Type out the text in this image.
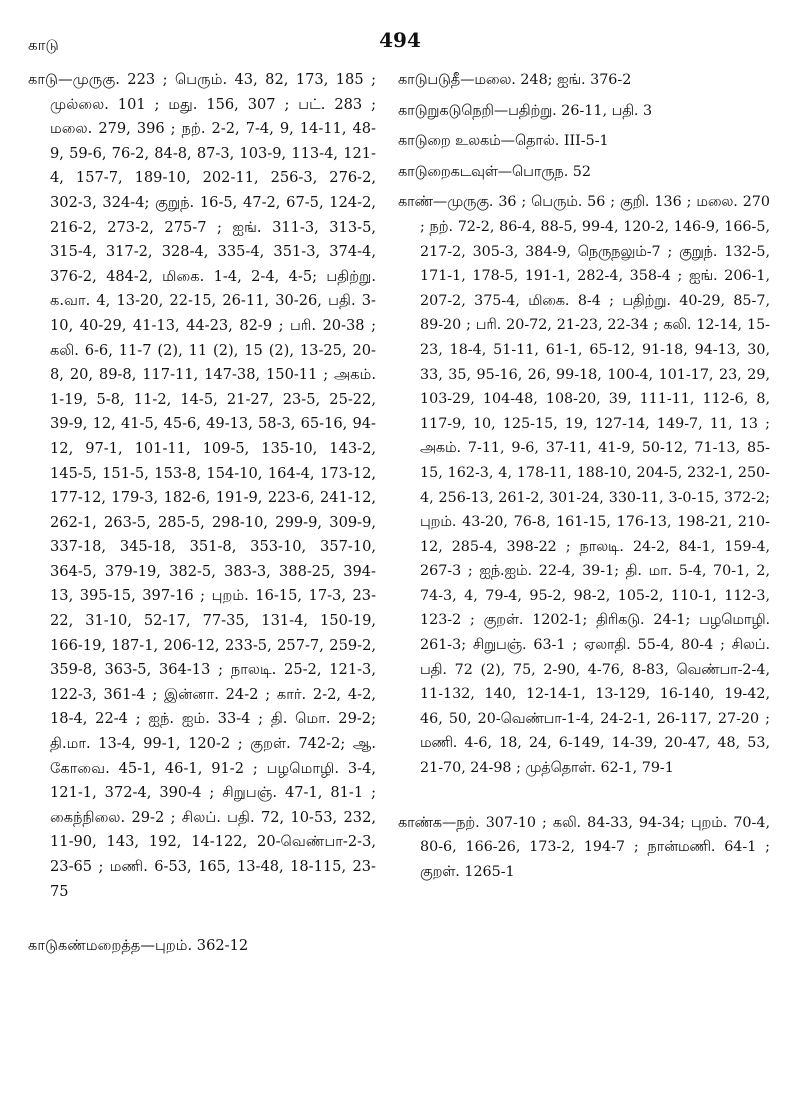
காடு	494

காடு—முருகு. 223 ; பெரும். 43, 82, 173, 185 ; முல்லை. 101 ; மது. 156, 307 ; பட். 283 ; மலை. 279, 396 ; நற். 2-2, 7-4, 9, 14-11, 48-9, 59-6, 76-2, 84-8, 87-3, 103-9, 113-4, 121-4, 157-7, 189-10, 202-11, 256-3, 276-2, 302-3, 324-4; குறுந். 16-5, 47-2, 67-5, 124-2, 216-2, 273-2, 275-7 ; ஐங். 311-3, 313-5, 315-4, 317-2, 328-4, 335-4, 351-3, 374-4, 376-2, 484-2, மிகை. 1-4, 2-4, 4-5; பதிற்று. க.வா. 4, 13-20, 22-15, 26-11, 30-26, பதி. 3-10, 40-29, 41-13, 44-23, 82-9 ; பரி. 20-38 ; கலி. 6-6, 11-7 (2), 11 (2), 15 (2), 13-25, 20-8, 20, 89-8, 117-11, 147-38, 150-11 ; அகம். 1-19, 5-8, 11-2, 14-5, 21-27, 23-5, 25-22, 39-9, 12, 41-5, 45-6, 49-13, 58-3, 65-16, 94-12, 97-1, 101-11, 109-5, 135-10, 143-2, 145-5, 151-5, 153-8, 154-10, 164-4, 173-12, 177-12, 179-3, 182-6, 191-9, 223-6, 241-12, 262-1, 263-5, 285-5, 298-10, 299-9, 309-9, 337-18, 345-18, 351-8, 353-10, 357-10, 364-5, 379-19, 382-5, 383-3, 388-25, 394-13, 395-15, 397-16 ; புறம். 16-15, 17-3, 23-22, 31-10, 52-17, 77-35, 131-4, 150-19, 166-19, 187-1, 206-12, 233-5, 257-7, 259-2, 359-8, 363-5, 364-13 ; நாலடி. 25-2, 121-3, 122-3, 361-4 ; இன்னா. 24-2 ; கார். 2-2, 4-2, 18-4, 22-4 ; ஐந். ஐம். 33-4 ; தி. மொ. 29-2; தி.மா. 13-4, 99-1, 120-2 ; குறள். 742-2; ஆ. கோவை. 45-1, 46-1, 91-2 ; பழமொழி. 3-4, 121-1, 372-4, 390-4 ; சிறுபஞ். 47-1, 81-1 ; கைந்நிலை. 29-2 ; சிலப். பதி. 72, 10-53, 232, 11-90, 143, 192, 14-122, 20-வெண்பா-2-3, 23-65 ; மணி. 6-53, 165, 13-48, 18-115, 23-75

காடுகண்மறைத்த—புறம். 362-12

காடுபடுதீ—மலை. 248; ஐங். 376-2

காடுறுகடுநெறி—பதிற்று. 26-11, பதி. 3

காடுறை உலகம்—தொல். III-5-1

காடுறைகடவுள்—பொருந. 52

காண்—முருகு. 36 ; பெரும். 56 ; குறி. 136 ; மலை. 270 ; நற். 72-2, 86-4, 88-5, 99-4, 120-2, 146-9, 166-5, 217-2, 305-3, 384-9, நெருநலும்-7 ; குறுந். 132-5, 171-1, 178-5, 191-1, 282-4, 358-4 ; ஐங். 206-1, 207-2, 375-4, மிகை. 8-4 ; பதிற்று. 40-29, 85-7, 89-20 ; பரி. 20-72, 21-23, 22-34 ; கலி. 12-14, 15-23, 18-4, 51-11, 61-1, 65-12, 91-18, 94-13, 30, 33, 35, 95-16, 26, 99-18, 100-4, 101-17, 23, 29, 103-29, 104-48, 108-20, 39, 111-11, 112-6, 8, 117-9, 10, 125-15, 19, 127-14, 149-7, 11, 13 ; அகம். 7-11, 9-6, 37-11, 41-9, 50-12, 71-13, 85-15, 162-3, 4, 178-11, 188-10, 204-5, 232-1, 250-4, 256-13, 261-2, 301-24, 330-11, 3-0-15, 372-2; புறம். 43-20, 76-8, 161-15, 176-13, 198-21, 210-12, 285-4, 398-22 ; நாலடி. 24-2, 84-1, 159-4, 267-3 ; ஐந்.ஐம். 22-4, 39-1; தி. மா. 5-4, 70-1, 2, 74-3, 4, 79-4, 95-2, 98-2, 105-2, 110-1, 112-3, 123-2 ; குறள். 1202-1; திரிகடு. 24-1; பழமொழி. 261-3; சிறுபஞ். 63-1 ; ஏலாதி. 55-4, 80-4 ; சிலப். பதி. 72 (2), 75, 2-90, 4-76, 8-83, வெண்பா-2-4, 11-132, 140, 12-14-1, 13-129, 16-140, 19-42, 46, 50, 20-வெண்பா-1-4, 24-2-1, 26-117, 27-20 ; மணி. 4-6, 18, 24, 6-149, 14-39, 20-47, 48, 53, 21-70, 24-98 ; முத்தொள். 62-1, 79-1

காண்க—நற். 307-10 ; கலி. 84-33, 94-34; புறம். 70-4, 80-6, 166-26, 173-2, 194-7 ; நான்மணி. 64-1 ; குறள். 1265-1
